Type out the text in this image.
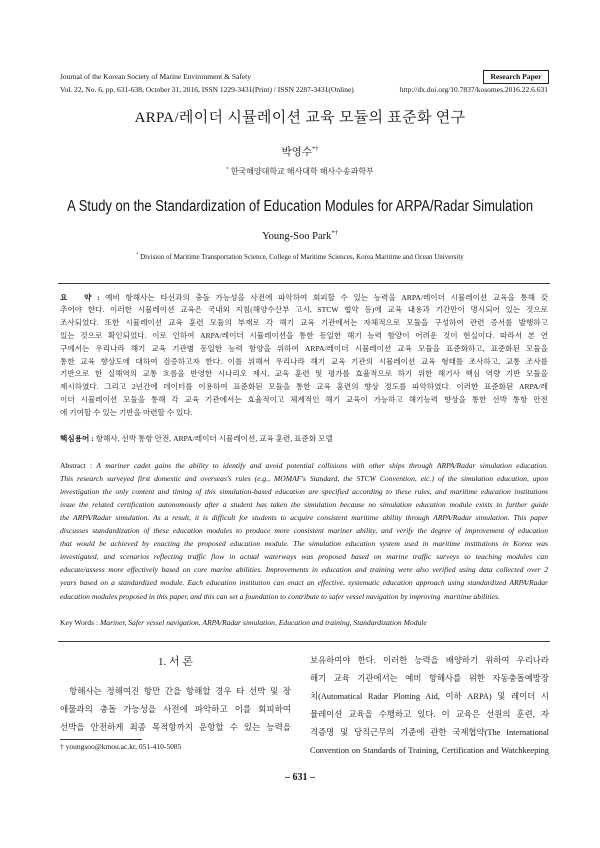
Journal of the Korean Society of Marine Environment & Safety	Research Paper
Vol. 22, No. 6, pp. 631-638, October 31, 2016, ISSN 1229-3431(Print) / ISSN 2287-3431(Online)	http://dx.doi.org/10.7837/kosomes.2016.22.6.631
ARPA/레이더 시뮬레이션 교육 모듈의 표준화 연구
박영수*†
* 한국해양대학교 해사대학 해사수송과학부
A Study on the Standardization of Education Modules for ARPA/Radar Simulation
Young-Soo Park*†
* Division of Maritime Transportation Science, College of Maritime Sciences, Korea Maritime and Ocean University
요   약 : 예비 항해사는 타선과의 충돌 가능성을 사전에 파악하여 회피할 수 있는 능력을 ARPA/레이더 시뮬레이션 교육을 통해 갖
추어야 한다. 이러한 시뮬레이션 교육은 국내외 지침(해양수산부 고시, STCW 협약 등)에 교육 내용과 기간만이 명시되어 있는 것으로
조사되었다. 또한 시뮬레이션 교육 훈련 모듈의 부재로 각 해기 교육 기관에서는 자체적으로 모듈을 구성하여 관련 증서를 발행하고
있는 것으로 확인되었다. 이로 인하여 ARPA/레이더 시뮬레이션을 통한 동일한 해기 능력 함양이 어려운 것이 현실이다. 따라서 본 연
구에서는 우리나라 해기 교육 기관별 동일한 능력 함양을 위하여 ARPA/레이더 시뮬레이션 교육 모듈을 표준화하고, 표준화된 모듈을
통한 교육 향상도에 대하여 검증하고자 한다. 이를 위해서 우리나라 해기 교육 기관의 시뮬레이션 교육 형태를 조사하고, 교통 조사를
기반으로 한 실해역의 교통 흐름을 반영한 시나리오 제시, 교육 훈련 및 평가를 효율적으로 하기 위한 해기사 핵심 역량 기반 모듈을
제시하였다. 그리고 2년간에 데이터를 이용하여 표준화된 모듈을 통한 교육 훈련의 향상 정도를 파악하였다. 이러한 표준화된 ARPA/레
이더 시뮬레이션 모듈을 통해 각 교육 기관에서는 효율적이고 체계적인 해기 교육이 가능하고 해기능력 향상을 통한 선박 통항 안전
에 기여할 수 있는 기반을 마련할 수 있다.
핵심용어 : 항해사, 선박 통항 안전, ARPA/레이더 시뮬레이션, 교육 훈련, 표준화 모델
Abstract : A mariner cadet gains the ability to identify and avoid potential collisions with other ships through ARPA/Radar simulation education.
This research surveyed first domestic and overseas's rules (e.g., MOMAF's Standard, the STCW Convention, etc.) of the simulation education, upon
investigation the only content and timing of this simulation-based education are specified according to these rules, and maritime education institutions
issue the related certification autonomously after a student has taken the simulation because no simulation education module exists to further guide
the ARPA/Radar simulation. As a result, it is difficult for students to acquire consistent maritime ability through ARPA/Radar simulation. This paper
discusses standardization of these education modules to produce more consistent mariner ability, and verify the degree of improvement of education
that would be achieved by enacting the proposed education module. The simulation education system used in maritime institutions in Korea was
investigated, and scenarios reflecting traffic flow in actual waterways was proposed based on marine traffic surveys so teaching modules can
educate/assess more effectively based on core marine abilities. Improvements in education and training were also verified using data collected over 2
years based on a standardized module. Each education institution can enact an effective, systematic education approach using standardized ARPA/Radar
education modules proposed in this paper, and this can set a foundation to contribute to safer vessel navigation by improving  maritime abilities.
Key Words : Mariner, Safer vessel navigation, ARPA/Radar simulation, Education and training, Standardization Module
1. 서 론
항해사는 정해여진 항만 간을 항해할 경우 타 선박 및 장
애물과의 충돌 가능성을 사전에 파악하고 이를 회피하여
선박을 안전하게 최종 목적항까지 운항할 수 있는 능력을
† youngsoo@kmou.ac.kr, 051-410-5085
보유하여야 한다. 이러한 능력을 배양하기 위하여 우리나라
해기 교육 기관에서는 예비 항해사를 위한 자동충돌예방장
치(Automatical Radar Plotting Aid, 이하 ARPA) 및 레이더 시
뮬레이션 교육을 수행하고 있다. 이 교육은 선원의 훈련, 자
격증명 및 당직근무의 기준에 관한 국제협약(The International
Convention on Standards of Training, Certification and Watchkeeping
– 631 –
